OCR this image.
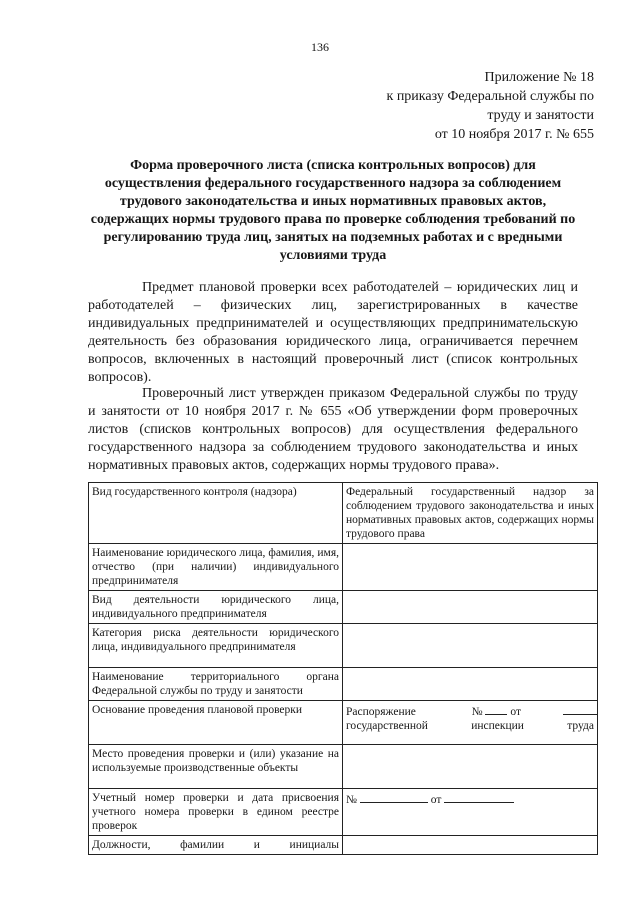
136
Приложение № 18
к приказу Федеральной службы по
труду и занятости
от 10 ноября 2017 г. № 655
Форма проверочного листа (списка контрольных вопросов) для осуществления федерального государственного надзора за соблюдением трудового законодательства и иных нормативных правовых актов, содержащих нормы трудового права по проверке соблюдения требований по регулированию труда лиц, занятых на подземных работах и с вредными условиями труда
Предмет плановой проверки всех работодателей – юридических лиц и работодателей – физических лиц, зарегистрированных в качестве индивидуальных предпринимателей и осуществляющих предпринимательскую деятельность без образования юридического лица, ограничивается перечнем вопросов, включенных в настоящий проверочный лист (список контрольных вопросов).
Проверочный лист утвержден приказом Федеральной службы по труду и занятости от 10 ноября 2017 г. № 655 «Об утверждении форм проверочных листов (списков контрольных вопросов) для осуществления федерального государственного надзора за соблюдением трудового законодательства и иных нормативных правовых актов, содержащих нормы трудового права».
Вид государственного контроля (надзора)	Федеральный государственный надзор за соблюдением трудового законодательства и иных нормативных правовых актов, содержащих нормы трудового права
Наименование юридического лица, фамилия, имя, отчество (при наличии) индивидуального предпринимателя	
Вид деятельности юридического лица, индивидуального предпринимателя	
Категория риска деятельности юридического лица, индивидуального предпринимателя	
Наименование территориального органа Федеральной службы по труду и занятости	
Основание проведения плановой проверки	Распоряжение № от
государственной инспекции труда

Место проведения проверки и (или) указание на используемые производственные объекты	
Учетный номер проверки и дата присвоения учетного номера проверки в едином реестре проверок	№ от

Должности, фамилии и инициалы	
